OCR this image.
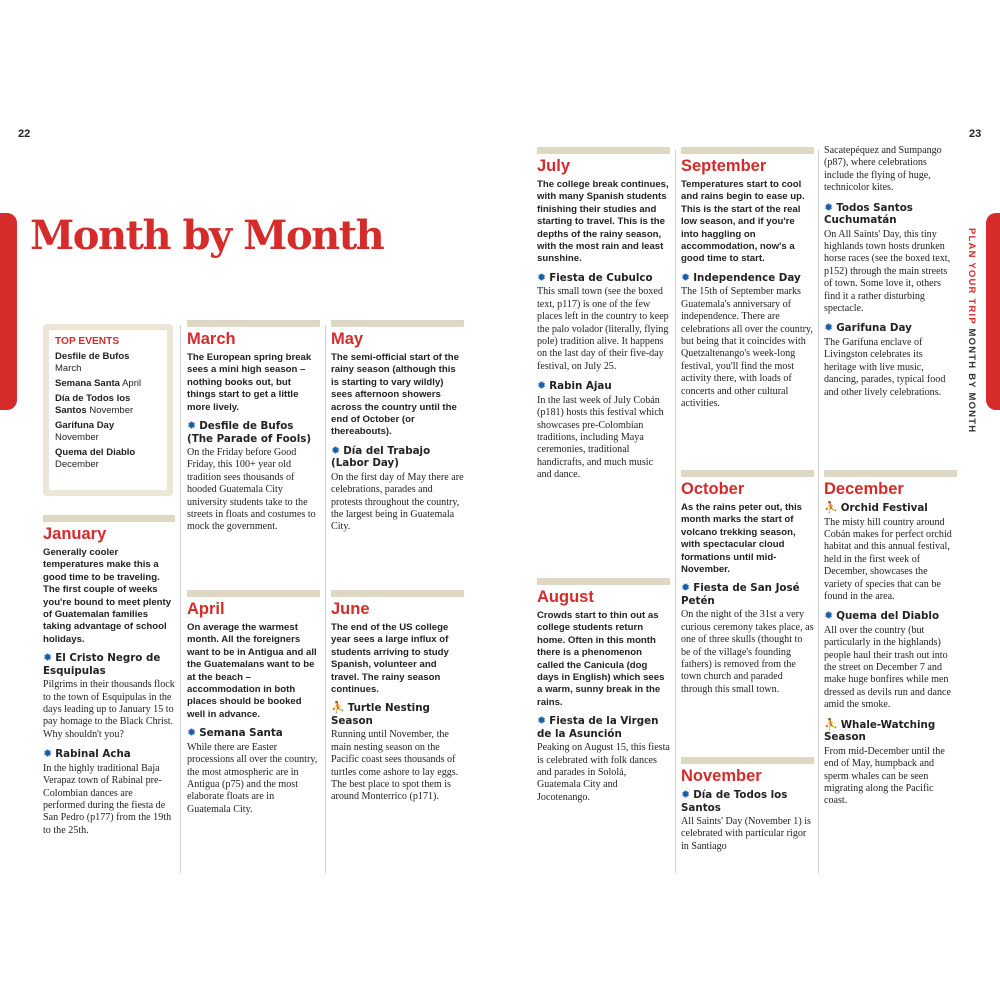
22	23
PLAN YOUR TRIP MONTH BY MONTH
Month by Month
TOP EVENTS
Desfile de Bufos
March
Semana Santa April
Día de Todos los Santos November
Garifuna Day
November
Quema del Diablo
December
January
Generally cooler temperatures make this a good time to be traveling. The first couple of weeks you're bound to meet plenty of Guatemalan families taking advantage of school holidays.
✹ El Cristo Negro de Esquipulas
Pilgrims in their thousands flock to the town of Esquipulas in the days leading up to January 15 to pay homage to the Black Christ. Why shouldn't you?
✹ Rabinal Acha
In the highly traditional Baja Verapaz town of Rabinal pre-Colombian dances are performed during the fiesta de San Pedro (p177) from the 19th to the 25th.
March
The European spring break sees a mini high season – nothing books out, but things start to get a little more lively.
✹ Desfile de Bufos (The Parade of Fools)
On the Friday before Good Friday, this 100+ year old tradition sees thousands of hooded Guatemala City university students take to the streets in floats and costumes to mock the government.
April
On average the warmest month. All the foreigners want to be in Antigua and all the Guatemalans want to be at the beach – accommodation in both places should be booked well in advance.
✹ Semana Santa
While there are Easter processions all over the country, the most atmospheric are in Antigua (p75) and the most elaborate floats are in Guatemala City.
May
The semi-official start of the rainy season (although this is starting to vary wildly) sees afternoon showers across the country until the end of October (or thereabouts).
✹ Día del Trabajo (Labor Day)
On the first day of May there are celebrations, parades and protests throughout the country, the largest being in Guatemala City.
June
The end of the US college year sees a large influx of students arriving to study Spanish, volunteer and travel. The rainy season continues.
⛹ Turtle Nesting Season
Running until November, the main nesting season on the Pacific coast sees thousands of turtles come ashore to lay eggs. The best place to spot them is around Monterrico (p171).
July
The college break continues, with many Spanish students finishing their studies and starting to travel. This is the depths of the rainy season, with the most rain and least sunshine.
✹ Fiesta de Cubulco
This small town (see the boxed text, p117) is one of the few places left in the country to keep the palo volador (literally, flying pole) tradition alive. It happens on the last day of their five-day festival, on July 25.
✹ Rabin Ajau
In the last week of July Cobán (p181) hosts this festival which showcases pre-Colombian traditions, including Maya ceremonies, traditional handicrafts, and much music and dance.
August
Crowds start to thin out as college students return home. Often in this month there is a phenomenon called the Canicula (dog days in English) which sees a warm, sunny break in the rains.
✹ Fiesta de la Virgen de la Asunción
Peaking on August 15, this fiesta is celebrated with folk dances and parades in Sololá, Guatemala City and Jocotenango.
September
Temperatures start to cool and rains begin to ease up. This is the start of the real low season, and if you're into haggling on accommodation, now's a good time to start.
✹ Independence Day
The 15th of September marks Guatemala's anniversary of independence. There are celebrations all over the country, but being that it coincides with Quetzaltenango's week-long festival, you'll find the most activity there, with loads of concerts and other cultural activities.
October
As the rains peter out, this month marks the start of volcano trekking season, with spectacular cloud formations until mid-November.
✹ Fiesta de San José Petén
On the night of the 31st a very curious ceremony takes place, as one of three skulls (thought to be of the village's founding fathers) is removed from the town church and paraded through this small town.
November
✹ Día de Todos los Santos
All Saints' Day (November 1) is celebrated with particular rigor in Santiago
Sacatepéquez and Sumpango (p87), where celebrations include the flying of huge, technicolor kites.
✹ Todos Santos Cuchumatán
On All Saints' Day, this tiny highlands town hosts drunken horse races (see the boxed text, p152) through the main streets of town. Some love it, others find it a rather disturbing spectacle.
✹ Garifuna Day
The Garífuna enclave of Livingston celebrates its heritage with live music, dancing, parades, typical food and other lively celebrations.
December
⛹ Orchid Festival
The misty hill country around Cobán makes for perfect orchid habitat and this annual festival, held in the first week of December, showcases the variety of species that can be found in the area.
✹ Quema del Diablo
All over the country (but particularly in the highlands) people haul their trash out into the street on December 7 and make huge bonfires while men dressed as devils run and dance amid the smoke.
⛹ Whale-Watching Season
From mid-December until the end of May, humpback and sperm whales can be seen migrating along the Pacific coast.
